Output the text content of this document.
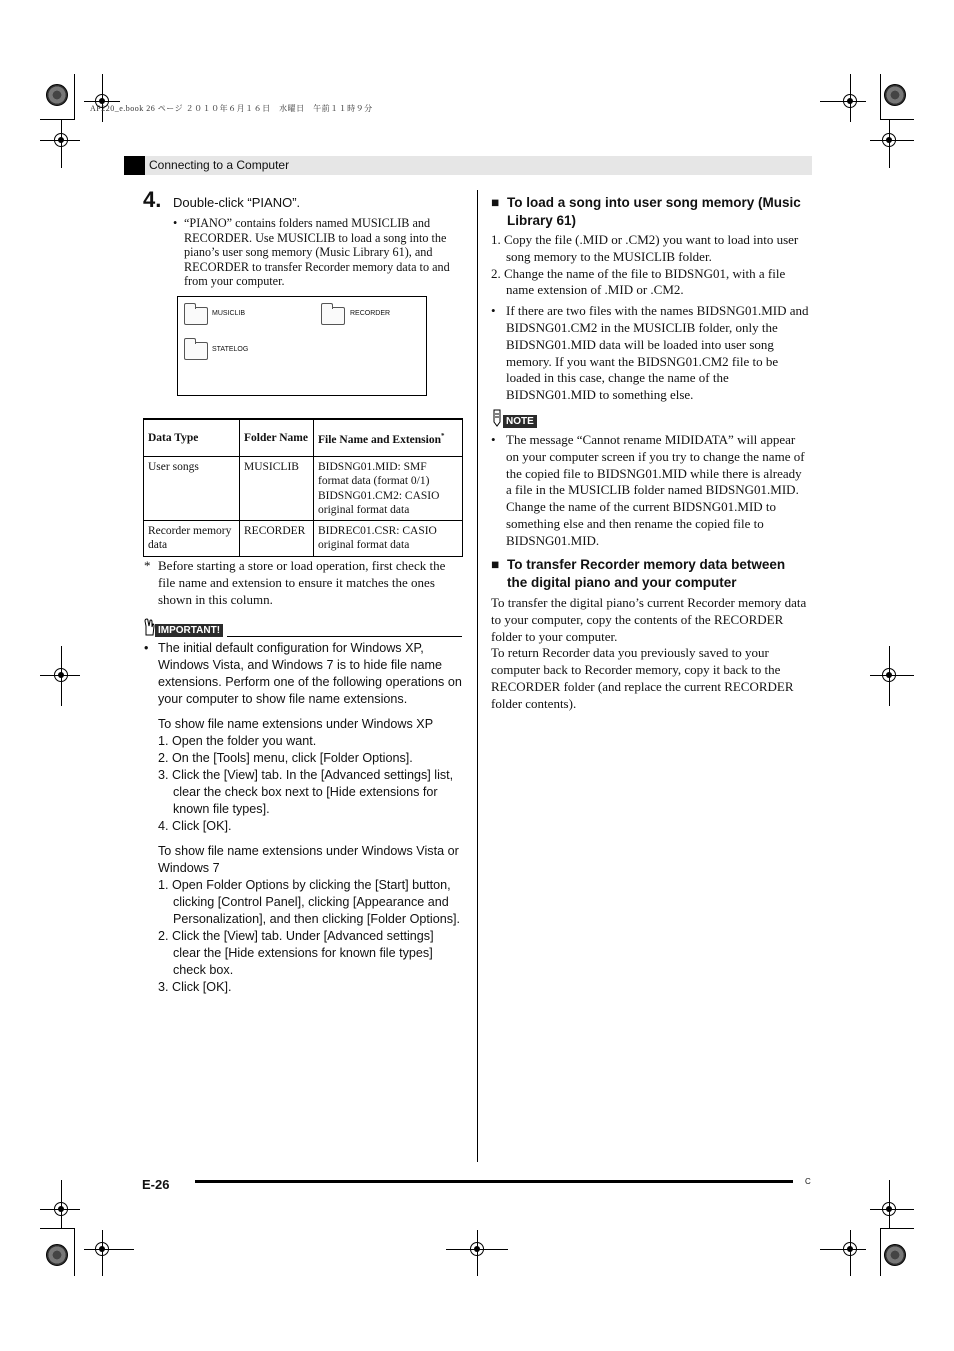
AP220_e.book 26 ページ ２０１０年６月１６日　水曜日　午前１１時９分
Connecting to a Computer
4. Double-click “PIANO”.
• “PIANO” contains folders named MUSICLIB and RECORDER. Use MUSICLIB to load a song into the piano’s user song memory (Music Library 61), and RECORDER to transfer Recorder memory data to and from your computer.
MUSICLIB	RECORDER
STATELOG
Data Type	Folder Name	File Name and Extension*
User songs	MUSICLIB	BIDSNG01.MID: SMF format data (format 0/1) BIDSNG01.CM2: CASIO original format data
Recorder memory data	RECORDER	BIDREC01.CSR: CASIO original format data
* Before starting a store or load operation, first check the file name and extension to ensure it matches the ones shown in this column.
IMPORTANT!
• The initial default configuration for Windows XP, Windows Vista, and Windows 7 is to hide file name extensions. Perform one of the following operations on your computer to show file name extensions.
To show file name extensions under Windows XP
1. Open the folder you want.
2. On the [Tools] menu, click [Folder Options].
3. Click the [View] tab. In the [Advanced settings] list, clear the check box next to [Hide extensions for known file types].
4. Click [OK].
To show file name extensions under Windows Vista or Windows 7
1. Open Folder Options by clicking the [Start] button, clicking [Control Panel], clicking [Appearance and Personalization], and then clicking [Folder Options].
2. Click the [View] tab. Under [Advanced settings] clear the [Hide extensions for known file types] check box.
3. Click [OK].
■ To load a song into user song memory (Music Library 61)
1. Copy the file (.MID or .CM2) you want to load into user song memory to the MUSICLIB folder.
2. Change the name of the file to BIDSNG01, with a file name extension of .MID or .CM2.
• If there are two files with the names BIDSNG01.MID and BIDSNG01.CM2 in the MUSICLIB folder, only the BIDSNG01.MID data will be loaded into user song memory. If you want the BIDSNG01.CM2 file to be loaded in this case, change the name of the BIDSNG01.MID to something else.
NOTE
• The message “Cannot rename MIDIDATA” will appear on your computer screen if you try to change the name of the copied file to BIDSNG01.MID while there is already a file in the MUSICLIB folder named BIDSNG01.MID. Change the name of the current BIDSNG01.MID to something else and then rename the copied file to BIDSNG01.MID.
■ To transfer Recorder memory data between the digital piano and your computer
To transfer the digital piano’s current Recorder memory data to your computer, copy the contents of the RECORDER folder to your computer.
To return Recorder data you previously saved to your computer back to Recorder memory, copy it back to the RECORDER folder (and replace the current RECORDER folder contents).
E-26	C
